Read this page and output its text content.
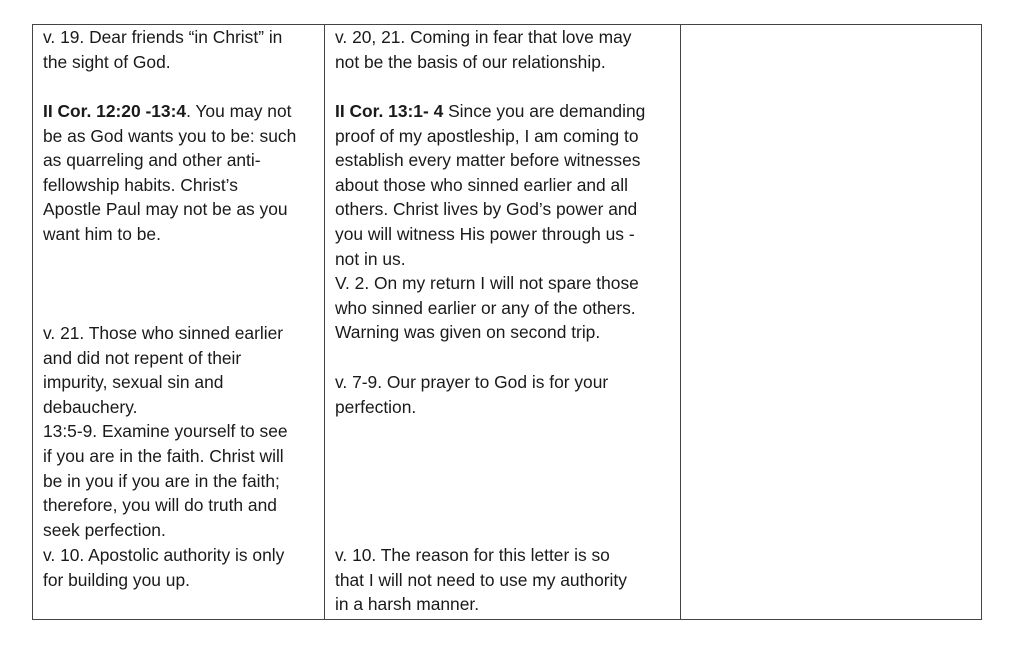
v. 19. Dear friends “in Christ” in
the sight of God.

II Cor. 12:20 -13:4. You may not
be as God wants you to be: such
as quarreling and other anti-
fellowship habits. Christ’s
Apostle Paul may not be as you
want him to be.

v. 21. Those who sinned earlier
and did not repent of their
impurity, sexual sin and
debauchery.
13:5-9. Examine yourself to see
if you are in the faith. Christ will
be in you if you are in the faith;
therefore, you will do truth and
seek perfection.

v. 10. Apostolic authority is only
for building you up.

v. 20, 21. Coming in fear that love may
not be the basis of our relationship.

II Cor. 13:1- 4 Since you are demanding
proof of my apostleship, I am coming to
establish every matter before witnesses
about those who sinned earlier and all
others. Christ lives by God’s power and
you will witness His power through us -
not in us.
V. 2. On my return I will not spare those
who sinned earlier or any of the others.
Warning was given on second trip.

v. 7-9. Our prayer to God is for your
perfection.

v. 10. The reason for this letter is so
that I will not need to use my authority
in a harsh manner.
